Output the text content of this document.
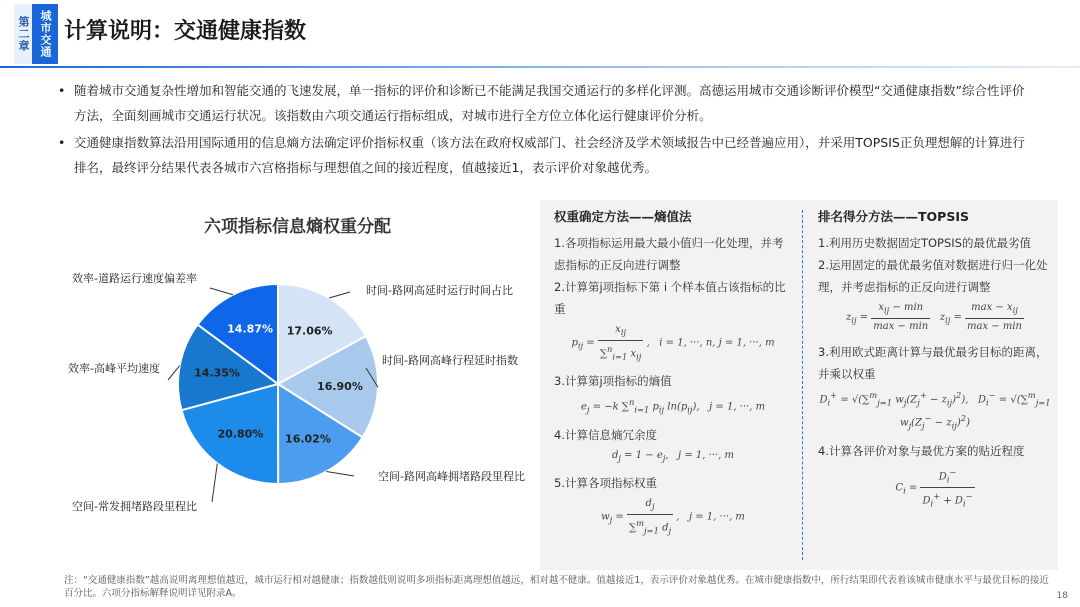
第二章 城市交通 计算说明：交通健康指数
• 随着城市交通复杂性增加和智能交通的飞速发展，单一指标的评价和诊断已不能满足我国交通运行的多样化评测。高德运用城市交通诊断评价模型“交通健康指数”综合性评价方法，全面刻画城市交通运行状况。该指数由六项交通运行指标组成，对城市进行全方位立体化运行健康评价分析。
• 交通健康指数算法沿用国际通用的信息熵方法确定评价指标权重（该方法在政府权威部门、社会经济及学术领域报告中已经普遍应用），并采用TOPSIS正负理想解的计算进行排名，最终评分结果代表各城市六宫格指标与理想值之间的接近程度，值越接近1，表示评价对象越优秀。
六项指标信息熵权重分配
17.06%
时间-路网高延时运行时间占比
16.90%
时间-路网高峰行程延时指数
16.02%
空间-路网高峰拥堵路段里程比
20.80%
空间-常发拥堵路段里程比
14.35%
效率-高峰平均速度
14.87%
效率-道路运行速度偏差率
权重确定方法——熵值法
1.各项指标运用最大最小值归一化处理，并考虑指标的正反向进行调整
2.计算第j项指标下第 i 个样本值占该指标的比重
$p_{ij} = \frac{x_{ij}}{\sum^n_{i=1} x_{ij}}$ ,   i = 1, ···, n, j = 1, ···, m
3.计算第j项指标的熵值
$e_j = -k$ ∑$^n_{i=1}$ $p_{ij}$ $\ln(p_{ij})$,   j = 1, ···, m
4.计算信息熵冗余度
$d_j = 1 - e_j$,   j = 1, ···, m
5.计算各项指标权重
$w_j = \frac{d_j}{\sum^m_{j=1} d_j}$ ,   j = 1, ···, m
排名得分方法——TOPSIS
1.利用历史数据固定TOPSIS的最优最劣值
2.运用固定的最优最劣值对数据进行归一化处理，并考虑指标的正反向进行调整
$z_{ij} = \frac{x_{ij} - \min}{\max - \min} z_{ij} = \frac{\max - x_{ij}}{\max - \min}$
3.利用欧式距离计算与最优最劣目标的距离，并乘以权重
$D_i^+ = √(\sum^m_{j=1}$ $w_j(Z_j^+ - z_{ij})^2$),   $D_i^- = √(\sum^m_{j=1}$ $w_j(Z_j^- - z_{ij})^2$)
4.计算各评价对象与最优方案的贴近程度
$C_i = \frac{D_i^-}{D_i^+ + D_i^-}$
注：“交通健康指数”越高说明离理想值越近，城市运行相对越健康；指数越低则说明多项指标距离理想值越远，相对越不健康。值越接近1，表示评价对象越优秀。在城市健康指数中，所行结果即代表着该城市健康水平与最优目标的接近百分比。六项分指标解释说明详见附录A。	18
